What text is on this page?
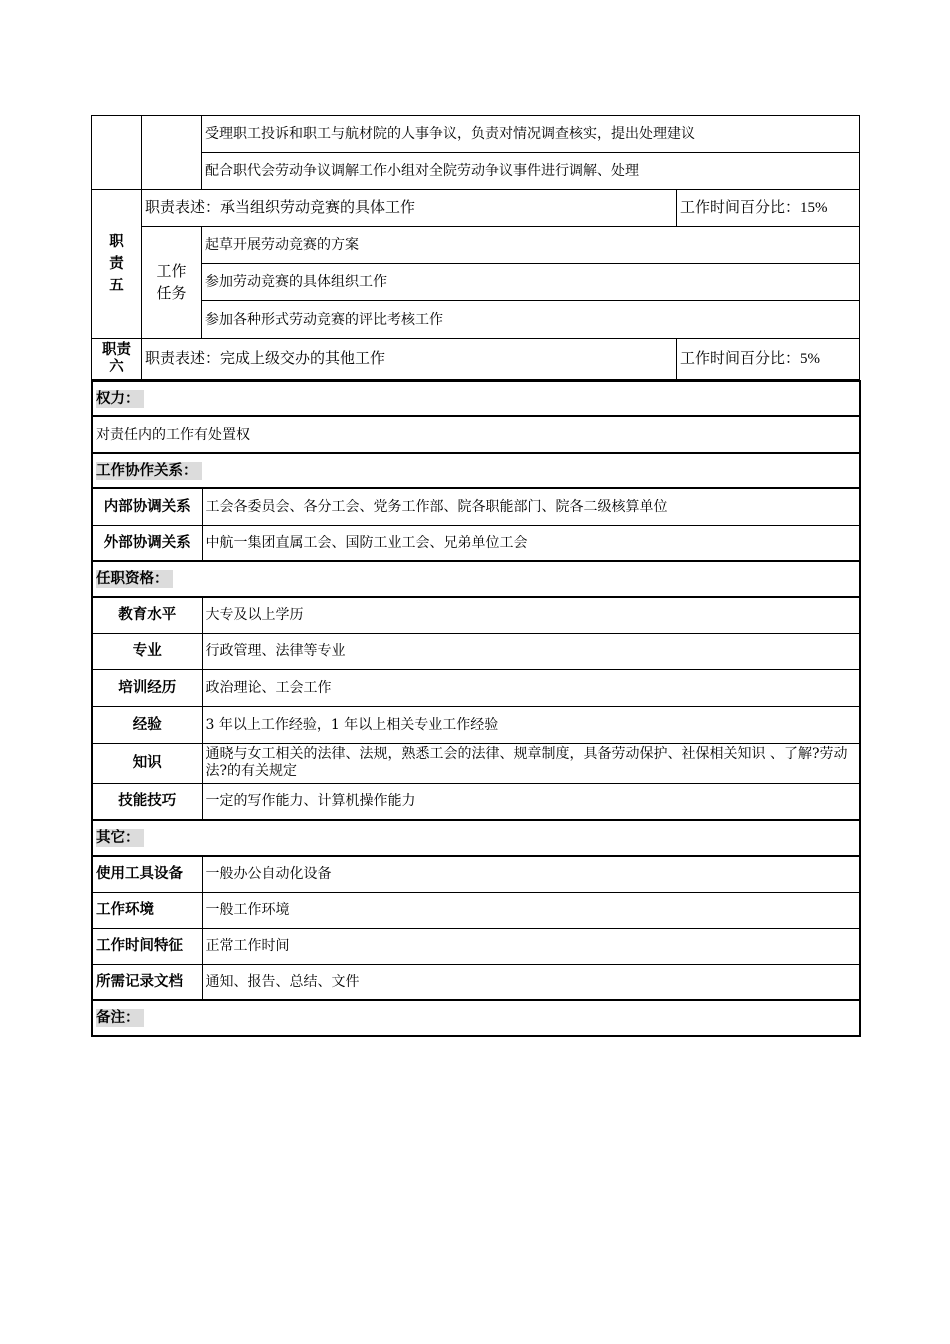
		受理职工投诉和职工与航材院的人事争议，负责对情况调查核实，提出处理建议	
		配合职代会劳动争议调解工作小组对全院劳动争议事件进行调解、处理	

职
责
五	职责表述：承当组织劳动竞赛的具体工作		工作时间百分比：15%

	工作
任务	起草开展劳动竞赛的方案	
		参加劳动竞赛的具体组织工作	
		参加各种形式劳动竞赛的评比考核工作	

职责
六	职责表述：完成上级交办的其他工作		工作时间百分比：5%
权力：	
对责任内的工作有处置权	
工作协作关系：	
内部协调关系	工会各委员会、各分工会、党务工作部、院各职能部门、院各二级核算单位
外部协调关系	中航一集团直属工会、国防工业工会、兄弟单位工会
任职资格：	
教育水平	大专及以上学历
专业	行政管理、法律等专业
培训经历	政治理论、工会工作
经验	3 年以上工作经验，1 年以上相关专业工作经验
知识	通晓与女工相关的法律、法规，熟悉工会的法律、规章制度，具备劳动保护、社保相关知识 、了解?劳动法?的有关规定
技能技巧	一定的写作能力、计算机操作能力
其它：	
使用工具设备	一般办公自动化设备
工作环境	一般工作环境
工作时间特征	正常工作时间
所需记录文档	通知、报告、总结、文件
备注：	
